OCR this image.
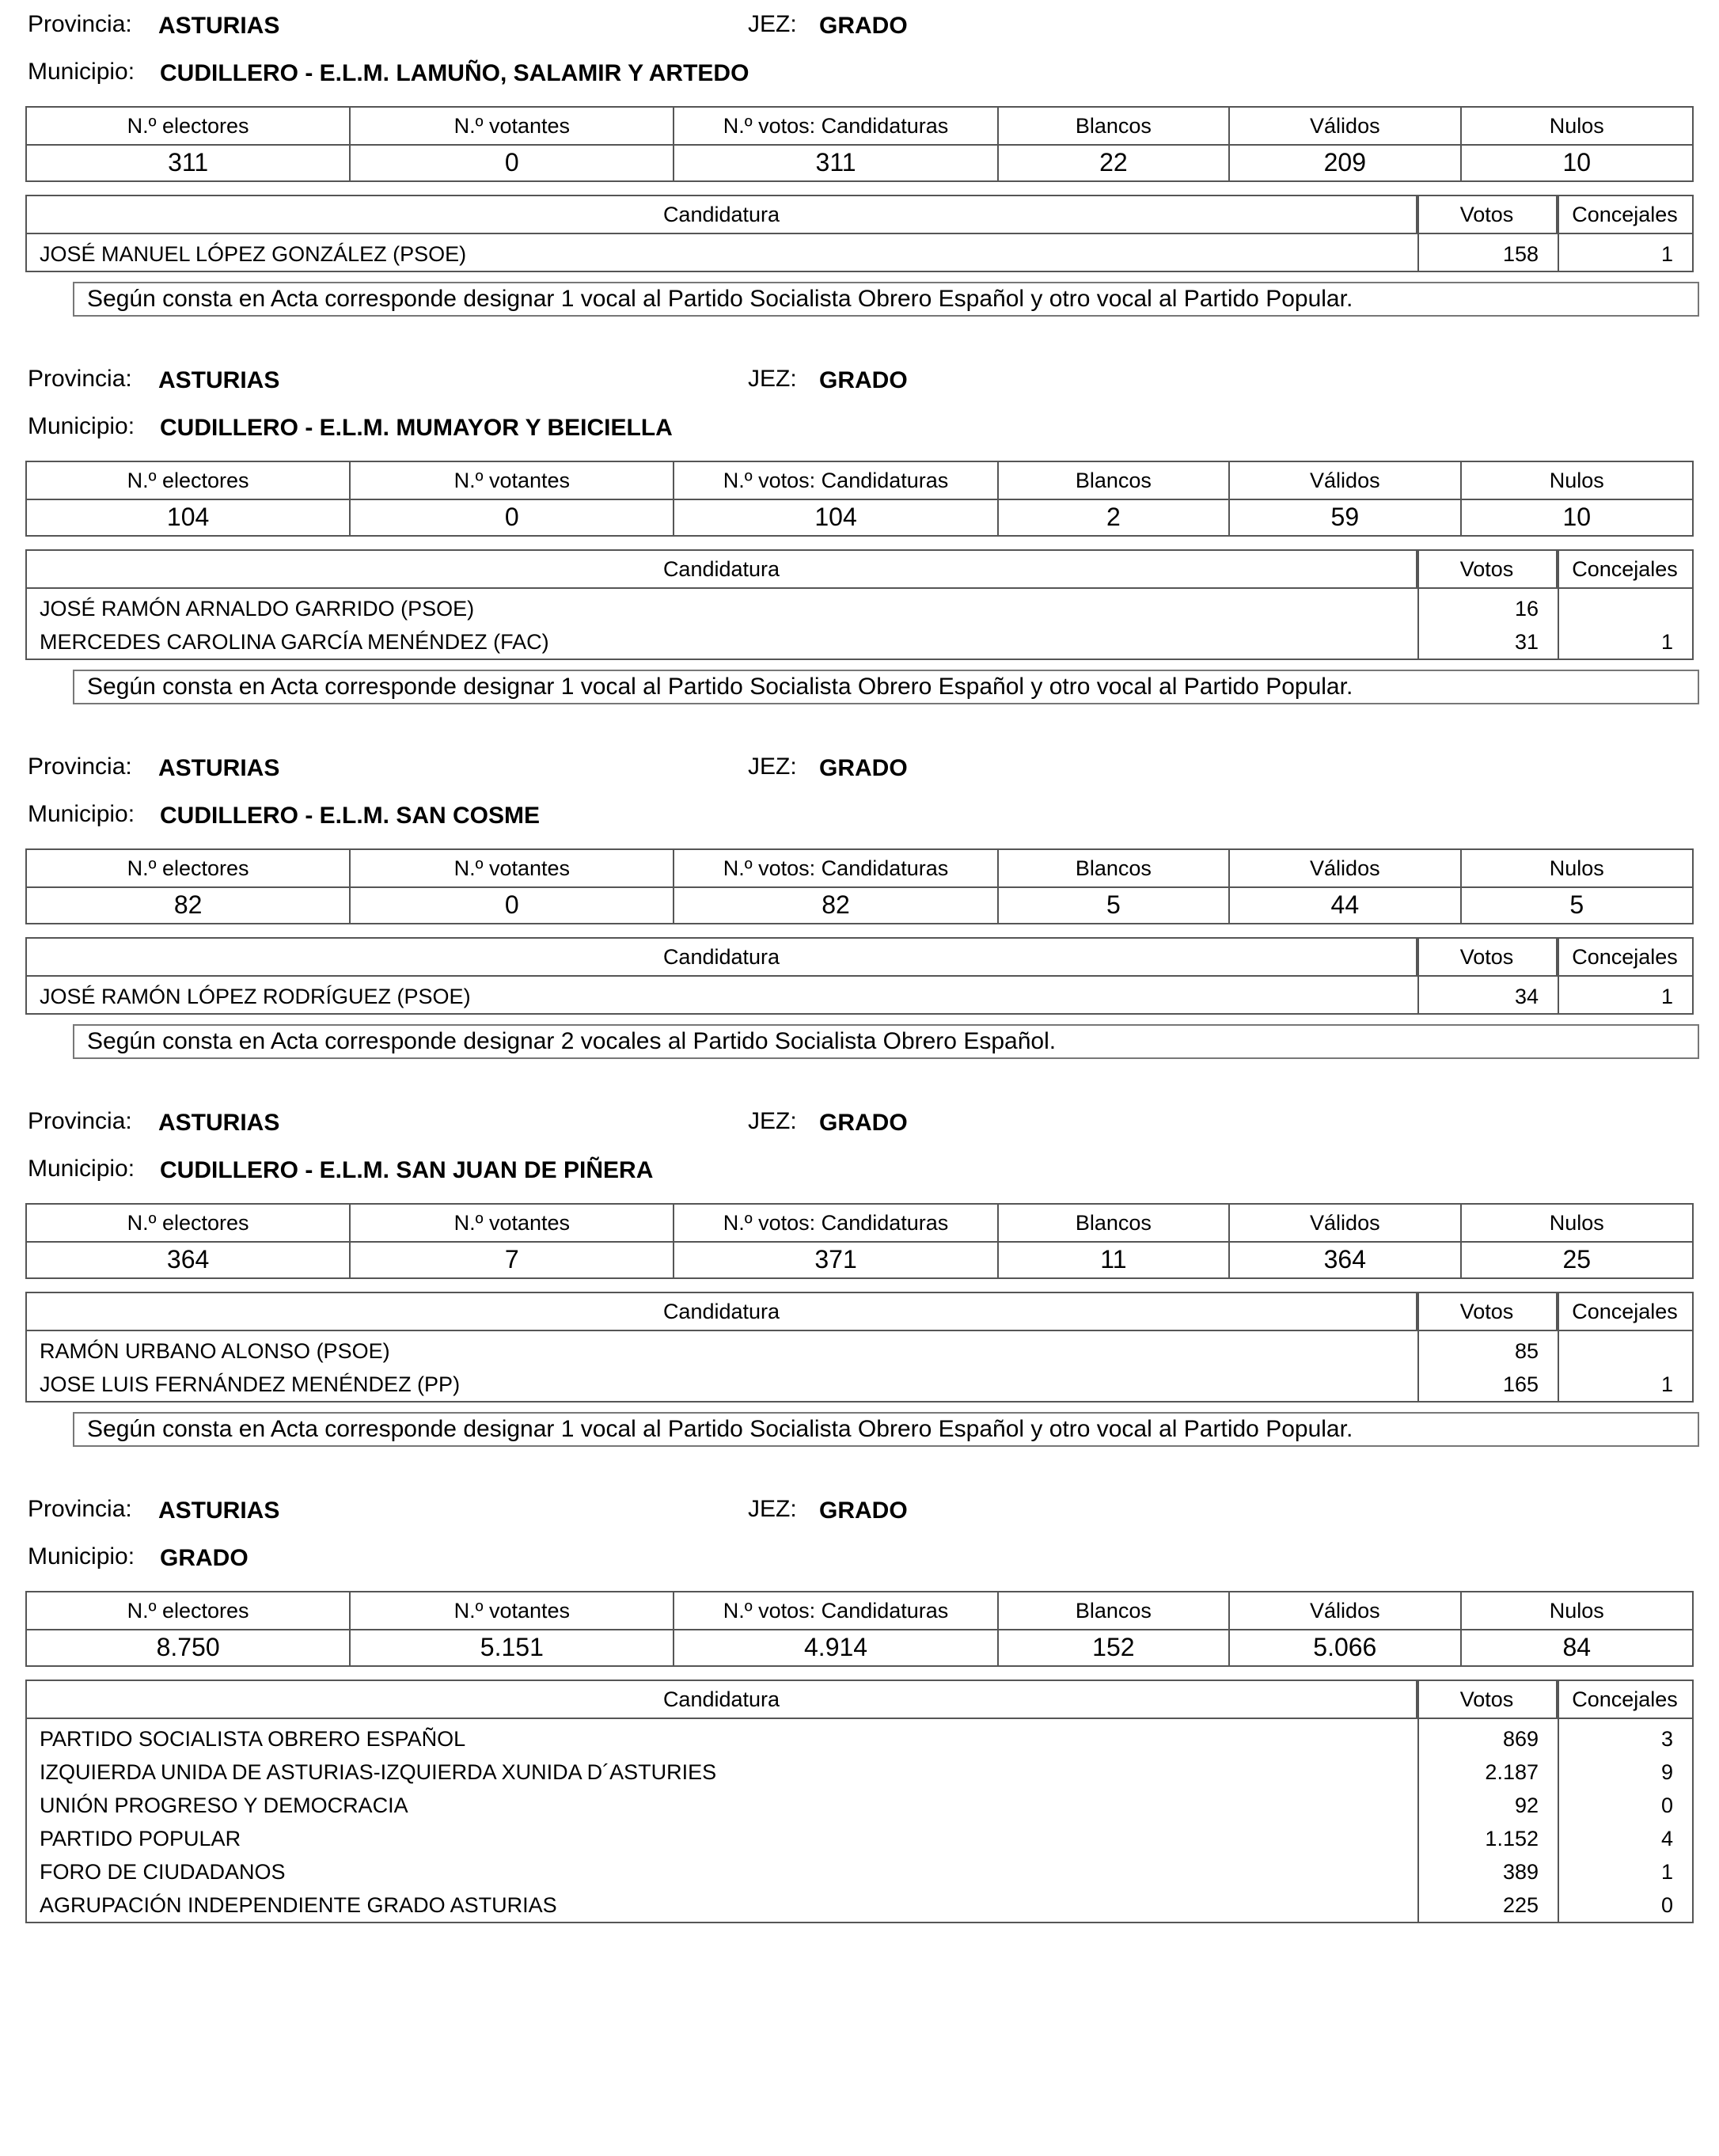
Provincia: ASTURIAS	JEZ: GRADO
Municipio: CUDILLERO - E.L.M. LAMUÑO, SALAMIR Y ARTEDO
N.º electores	N.º votantes	N.º votos: Candidaturas	Blancos	Válidos	Nulos
311	0	311	22	209	10
Candidatura	Votos	Concejales
JOSÉ MANUEL LÓPEZ GONZÁLEZ (PSOE)	158	1
Según consta en Acta corresponde designar 1 vocal al Partido Socialista Obrero Español y otro vocal al Partido Popular.
Provincia: ASTURIAS	JEZ: GRADO
Municipio: CUDILLERO - E.L.M. MUMAYOR Y BEICIELLA
N.º electores	N.º votantes	N.º votos: Candidaturas	Blancos	Válidos	Nulos
104	0	104	2	59	10
Candidatura	Votos	Concejales
JOSÉ RAMÓN ARNALDO GARRIDO (PSOE)	16
MERCEDES CAROLINA GARCÍA MENÉNDEZ (FAC)	31	1
Según consta en Acta corresponde designar 1 vocal al Partido Socialista Obrero Español y otro vocal al Partido Popular.
Provincia: ASTURIAS	JEZ: GRADO
Municipio: CUDILLERO - E.L.M. SAN COSME
N.º electores	N.º votantes	N.º votos: Candidaturas	Blancos	Válidos	Nulos
82	0	82	5	44	5
Candidatura	Votos	Concejales
JOSÉ RAMÓN LÓPEZ RODRÍGUEZ (PSOE)	34	1
Según consta en Acta corresponde designar 2 vocales al Partido Socialista Obrero Español.
Provincia: ASTURIAS	JEZ: GRADO
Municipio: CUDILLERO - E.L.M. SAN JUAN DE PIÑERA
N.º electores	N.º votantes	N.º votos: Candidaturas	Blancos	Válidos	Nulos
364	7	371	11	364	25
Candidatura	Votos	Concejales
RAMÓN URBANO ALONSO (PSOE)	85
JOSE LUIS FERNÁNDEZ MENÉNDEZ (PP)	165	1
Según consta en Acta corresponde designar 1 vocal al Partido Socialista Obrero Español y otro vocal al Partido Popular.
Provincia: ASTURIAS	JEZ: GRADO
Municipio: GRADO
N.º electores	N.º votantes	N.º votos: Candidaturas	Blancos	Válidos	Nulos
8.750	5.151	4.914	152	5.066	84
Candidatura	Votos	Concejales
PARTIDO SOCIALISTA OBRERO ESPAÑOL	869	3
IZQUIERDA UNIDA DE ASTURIAS-IZQUIERDA XUNIDA D´ASTURIES	2.187	9
UNIÓN PROGRESO Y DEMOCRACIA	92	0
PARTIDO POPULAR	1.152	4
FORO DE CIUDADANOS	389	1
AGRUPACIÓN INDEPENDIENTE GRADO ASTURIAS	225	0
